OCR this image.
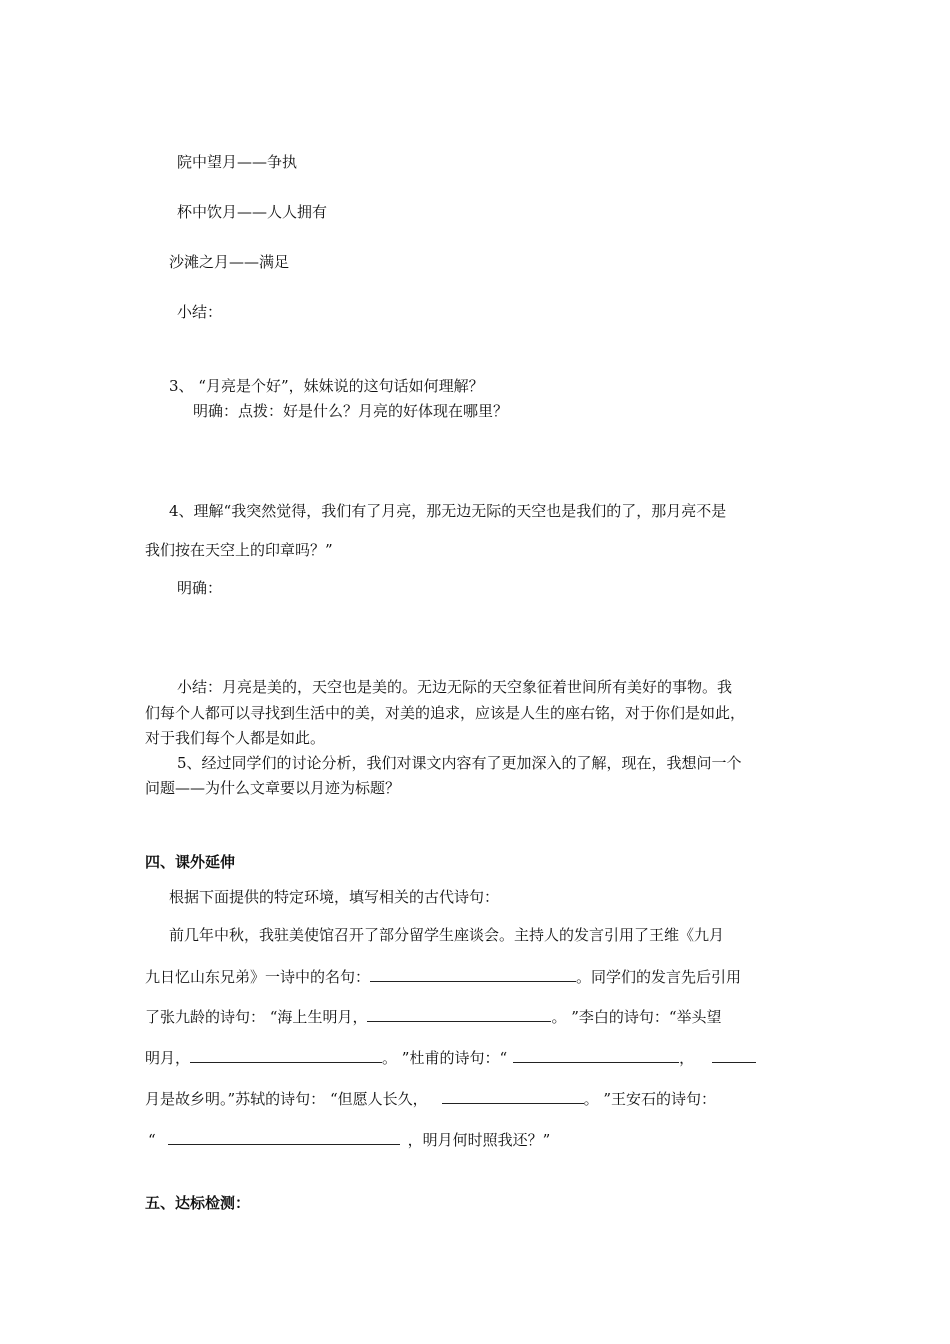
院中望月——争执
杯中饮月——人人拥有
沙滩之月——满足
小结：
3、 “月亮是个好”，妹妹说的这句话如何理解？
明确：点拨：好是什么？月亮的好体现在哪里？
4、理解“我突然觉得，我们有了月亮，那无边无际的天空也是我们的了，那月亮不是
我们按在天空上的印章吗？”
明确：
小结：月亮是美的，天空也是美的。无边无际的天空象征着世间所有美好的事物。我
们每个人都可以寻找到生活中的美，对美的追求，应该是人生的座右铭，对于你们是如此，
对于我们每个人都是如此。
5、经过同学们的讨论分析，我们对课文内容有了更加深入的了解，现在，我想问一个
问题——为什么文章要以月迹为标题？
四、课外延伸
根据下面提供的特定环境，填写相关的古代诗句：
前几年中秋，我驻美使馆召开了部分留学生座谈会。主持人的发言引用了王维《九月
九日忆山东兄弟》一诗中的名句：	。同学们的发言先后引用
了张九龄的诗句： “海上生明月，	。 ”李白的诗句：“举头望
明月，	。 ”杜甫的诗句：“	，
月是故乡明。”苏轼的诗句： “但愿人长久，	。 ”王安石的诗句：
“	，明月何时照我还？”
五、达标检测：
